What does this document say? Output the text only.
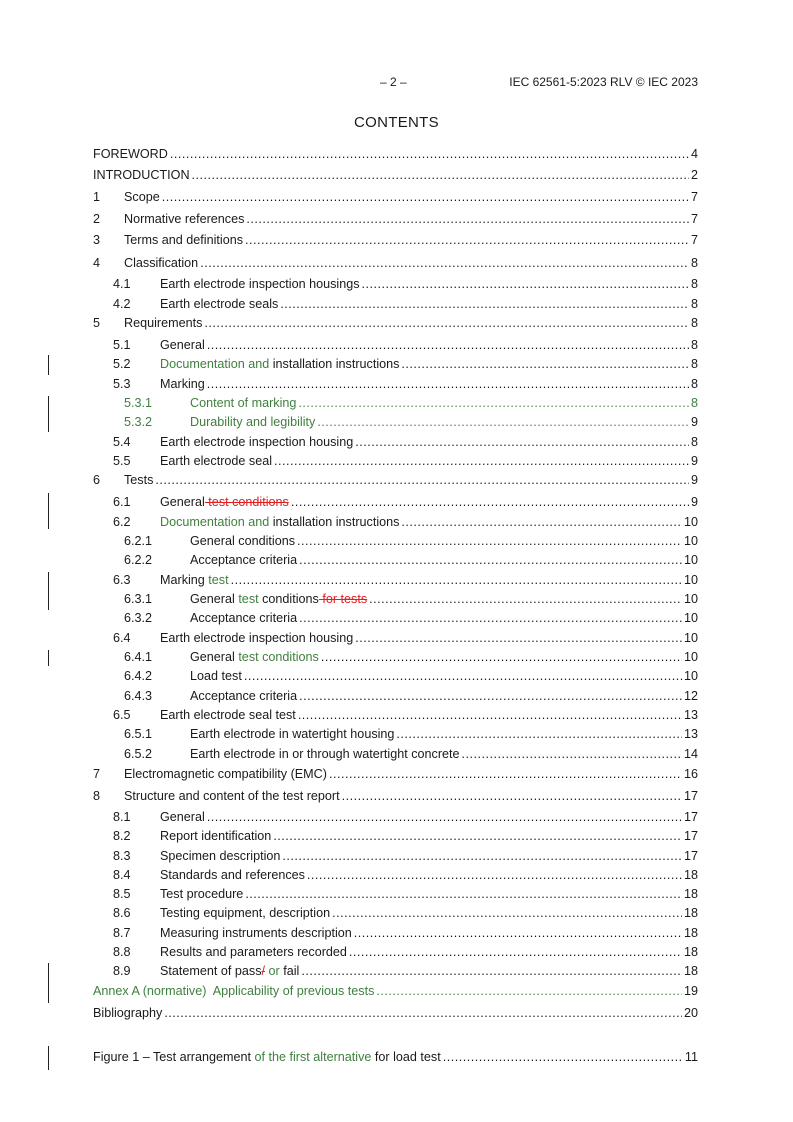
– 2 –	IEC 62561-5:2023 RLV © IEC 2023
CONTENTS
FOREWORD .....	4
INTRODUCTION .....	2
1	Scope .....	7
2	Normative references .....	7
3	Terms and definitions .....	7
4	Classification .....	8
4.1	Earth electrode inspection housings .....	8
4.2	Earth electrode seals .....	8
5	Requirements .....	8
5.1	General .....	8
5.2	Documentation and installation instructions .....	8
5.3	Marking .....	8
5.3.1	Content of marking .....	8
5.3.2	Durability and legibility .....	9
5.4	Earth electrode inspection housing .....	8
5.5	Earth electrode seal .....	9
6	Tests .....	9
6.1	General test conditions .....	9
6.2	Documentation and installation instructions .....	10
6.2.1	General conditions .....	10
6.2.2	Acceptance criteria .....	10
6.3	Marking test .....	10
6.3.1	General test conditions for tests .....	10
6.3.2	Acceptance criteria .....	10
6.4	Earth electrode inspection housing .....	10
6.4.1	General test conditions .....	10
6.4.2	Load test .....	10
6.4.3	Acceptance criteria .....	12
6.5	Earth electrode seal test .....	13
6.5.1	Earth electrode in watertight housing .....	13
6.5.2	Earth electrode in or through watertight concrete .....	14
7	Electromagnetic compatibility (EMC) .....	16
8	Structure and content of the test report .....	17
8.1	General .....	17
8.2	Report identification .....	17
8.3	Specimen description .....	17
8.4	Standards and references .....	18
8.5	Test procedure .....	18
8.6	Testing equipment, description .....	18
8.7	Measuring instruments description .....	18
8.8	Results and parameters recorded .....	18
8.9	Statement of pass/ or fail .....	18
Annex A (normative)  Applicability of previous tests .....	19
Bibliography .....	20
Figure 1 – Test arrangement of the first alternative for load test .....	11
